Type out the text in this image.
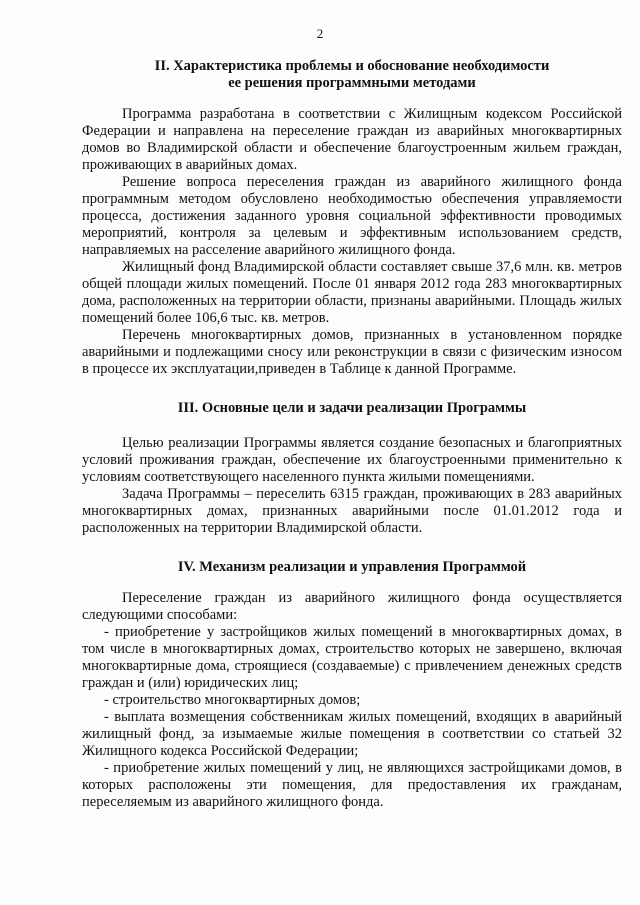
2

II. Характеристика проблемы и обоснование необходимости

ее решения программными методами

Программа разработана в соответствии с Жилищным кодексом Российской Федерации и направлена на переселение граждан из аварийных многоквартирных домов во Владимирской области и обеспечение благоустроенным жильем граждан, проживающих в аварийных домах.

Решение вопроса переселения граждан из аварийного жилищного фонда программным методом обусловлено необходимостью обеспечения управляемости процесса, достижения заданного уровня социальной эффективности проводимых мероприятий, контроля за целевым и эффективным использованием средств, направляемых на расселение аварийного жилищного фонда.

Жилищный фонд Владимирской области составляет свыше 37,6 млн. кв. метров общей площади жилых помещений. После 01 января 2012 года 283 многоквартирных дома, расположенных на территории области, признаны аварийными. Площадь жилых помещений более 106,6 тыс. кв. метров.

Перечень многоквартирных домов, признанных в установленном порядке аварийными и подлежащими сносу или реконструкции в связи с физическим износом в процессе их эксплуатации,приведен в Таблице к данной Программе.

III. Основные цели и задачи реализации Программы

Целью реализации Программы является создание безопасных и благоприятных условий проживания граждан, обеспечение их благоустроенными применительно к условиям соответствующего населенного пункта жилыми помещениями.

Задача Программы – переселить 6315 граждан, проживающих в 283 аварийных многоквартирных домах, признанных аварийными после 01.01.2012 года и расположенных на территории Владимирской области.

IV. Механизм реализации и управления Программой

Переселение граждан из аварийного жилищного фонда осуществляется следующими способами:

- приобретение у застройщиков жилых помещений в многоквартирных домах, в том числе в многоквартирных домах, строительство которых не завершено, включая многоквартирные дома, строящиеся (создаваемые) с привлечением денежных средств граждан и (или) юридических лиц;

- строительство многоквартирных домов;

- выплата возмещения собственникам жилых помещений, входящих в аварийный жилищный фонд, за изымаемые жилые помещения в соответствии со статьей 32 Жилищного кодекса Российской Федерации;

- приобретение жилых помещений у лиц, не являющихся застройщиками домов, в которых расположены эти помещения, для предоставления их гражданам, переселяемым из аварийного жилищного фонда.
